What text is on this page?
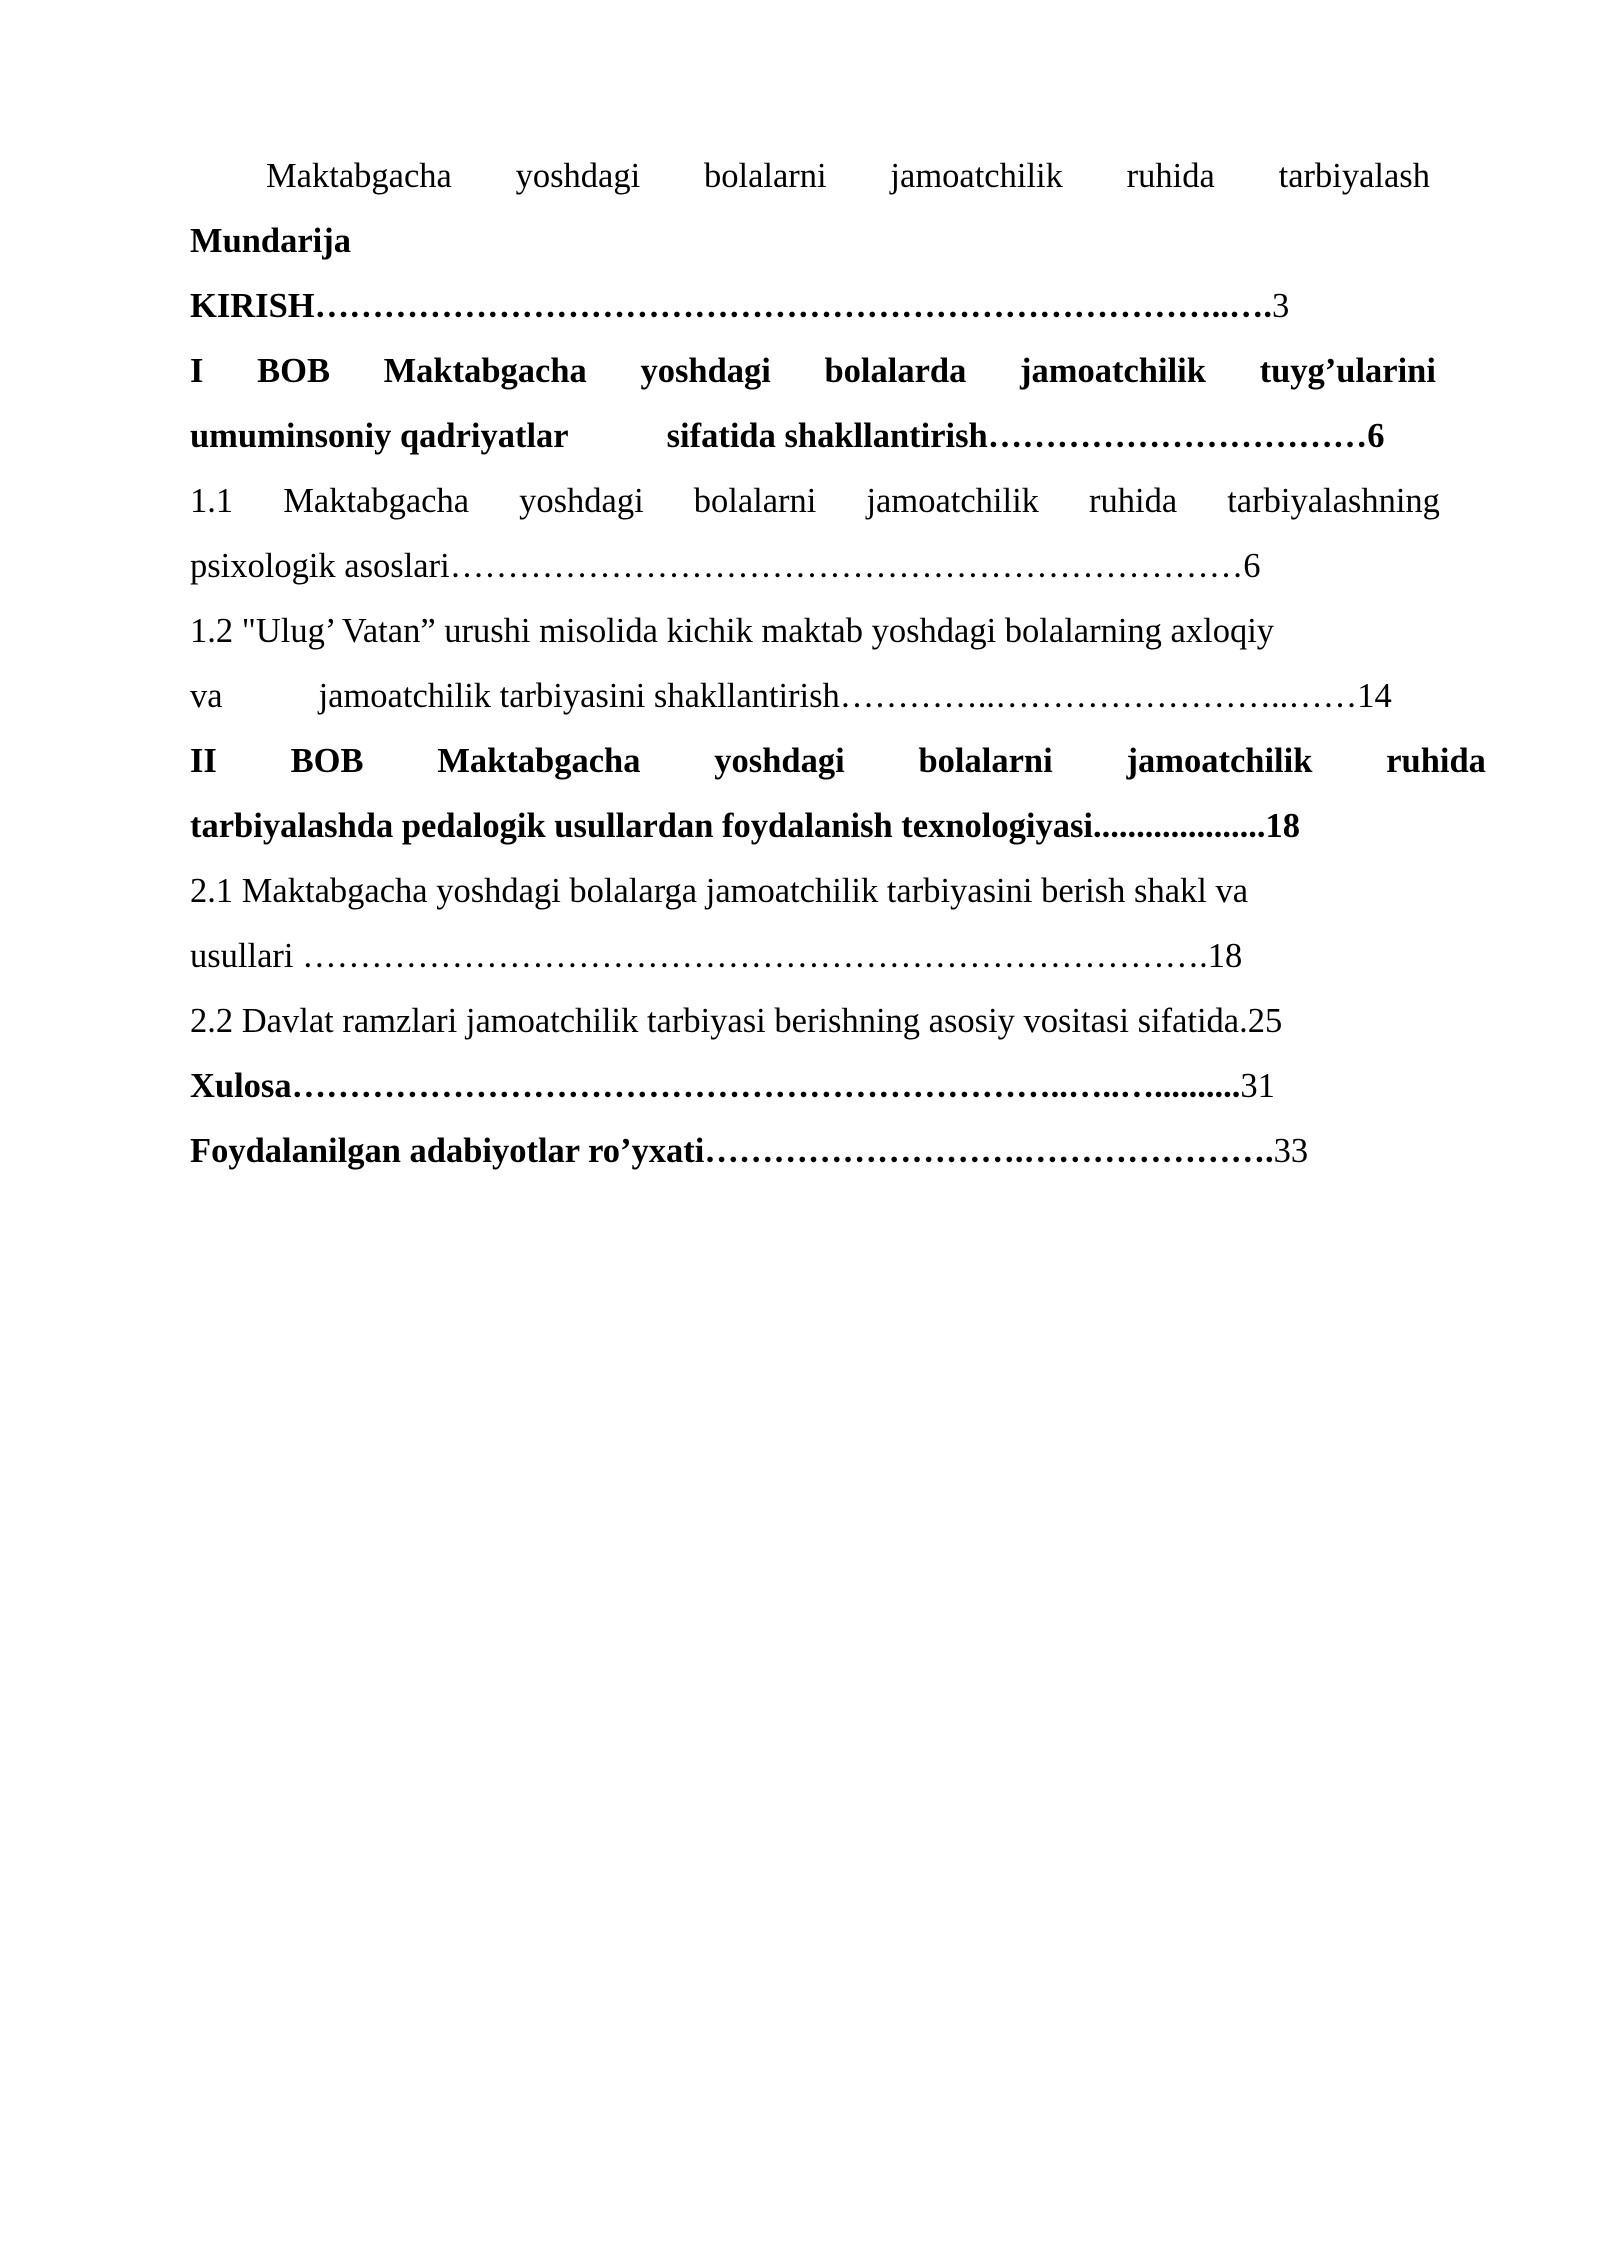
Maktabgacha yoshdagi bolalarni jamoatchilik ruhida tarbiyalash
Mundarija
KIRISH……………………………………………………………………..….3
I BOB Maktabgacha yoshdagi bolalarda jamoatchilik tuyg’ularini
umuminsoniy qadriyatlar	sifatida shakllantirish……………………………6
1.1 Maktabgacha yoshdagi bolalarni jamoatchilik ruhida tarbiyalashning
psixologik asoslari……………………………………………………………6
1.2 "Ulug’ Vatan” urushi misolida kichik maktab yoshdagi bolalarning axloqiy
va	jamoatchilik tarbiyasini shakllantirish…………..……………………..……14
II BOB Maktabgacha yoshdagi bolalarni jamoatchilik ruhida
tarbiyalashda pedalogik usullardan foydalanish texnologiyasi....................18
2.1 Maktabgacha yoshdagi bolalarga jamoatchilik tarbiyasini berish shakl va
usullari …………………………………………………………………….18
2.2 Davlat ramzlari jamoatchilik tarbiyasi berishning asosiy vositasi sifatida.25
Xulosa…………………………………………………………..…..…..........31
Foydalanilgan adabiyotlar ro’yxati……………………….………………….33
